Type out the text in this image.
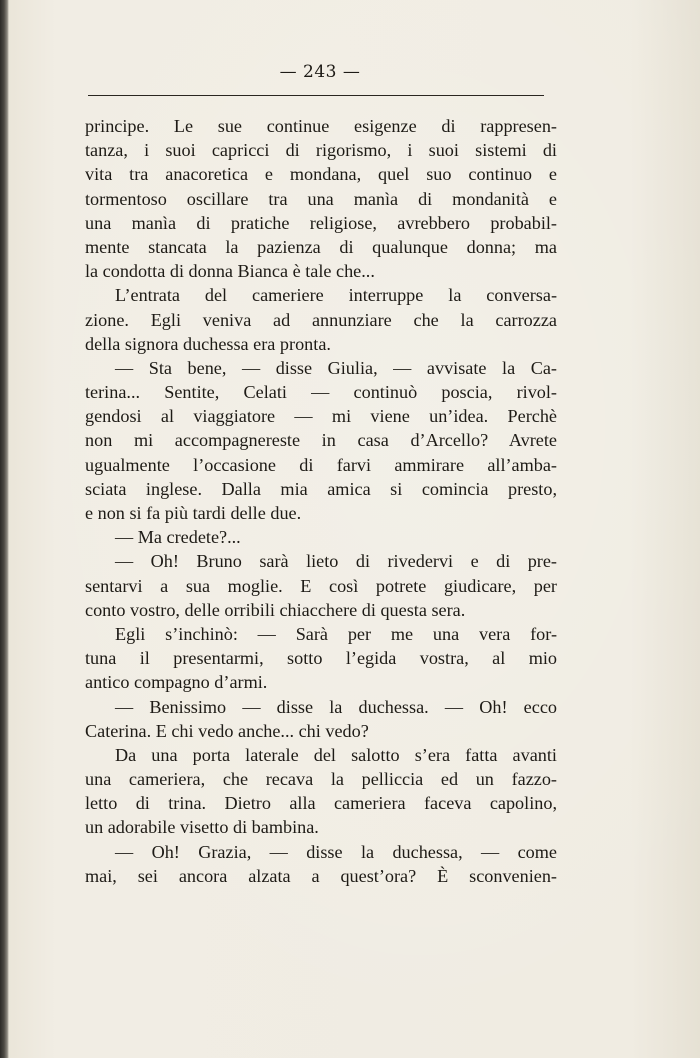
— 243 —
principe. Le sue continue esigenze di rappresen-
tanza, i suoi capricci di rigorismo, i suoi sistemi di
vita tra anacoretica e mondana, quel suo continuo e
tormentoso oscillare tra una manìa di mondanità e
una manìa di pratiche religiose, avrebbero probabil-
mente stancata la pazienza di qualunque donna; ma
la condotta di donna Bianca è tale che...
L’entrata del cameriere interruppe la conversa-
zione. Egli veniva ad annunziare che la carrozza
della signora duchessa era pronta.
— Sta bene, — disse Giulia, — avvisate la Ca-
terina... Sentite, Celati — continuò poscia, rivol-
gendosi al viaggiatore — mi viene un’idea. Perchè
non mi accompagnereste in casa d’Arcello? Avrete
ugualmente l’occasione di farvi ammirare all’amba-
sciata inglese. Dalla mia amica si comincia presto,
e non si fa più tardi delle due.
— Ma credete?...
— Oh! Bruno sarà lieto di rivedervi e di pre-
sentarvi a sua moglie. E così potrete giudicare, per
conto vostro, delle orribili chiacchere di questa sera.
Egli s’inchinò: — Sarà per me una vera for-
tuna il presentarmi, sotto l’egida vostra, al mio
antico compagno d’armi.
— Benissimo — disse la duchessa. — Oh! ecco
Caterina. E chi vedo anche... chi vedo?
Da una porta laterale del salotto s’era fatta avanti
una cameriera, che recava la pelliccia ed un fazzo-
letto di trina. Dietro alla cameriera faceva capolino,
un adorabile visetto di bambina.
— Oh! Grazia, — disse la duchessa, — come
mai, sei ancora alzata a quest’ora? È sconvenien-
